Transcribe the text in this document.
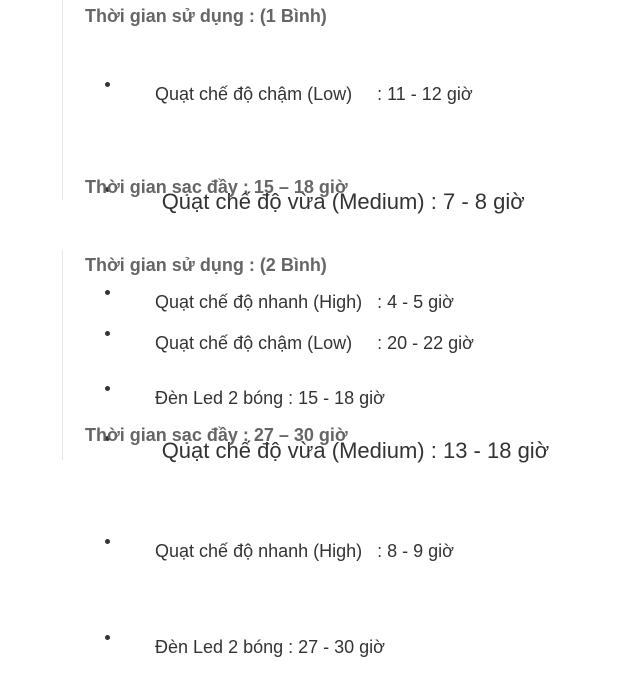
Thời gian sử dụng : (1 Bình)

Quạt chế độ chậm (Low)     : 11 - 12 giờ

Quạt chế độ vừa (Medium) : 7 - 8 giờ

Quạt chế độ nhanh (High)   : 4 - 5 giờ

Đèn Led 2 bóng : 15 - 18 giờ

Thời gian sạc đầy : 15 – 18 giờ
Thời gian sử dụng : (2 Bình)

Quạt chế độ chậm (Low)     : 20 - 22 giờ

Quạt chế độ vừa (Medium) : 13 - 18 giờ

Quạt chế độ nhanh (High)   : 8 - 9 giờ

Đèn Led 2 bóng : 27 - 30 giờ

Thời gian sạc đầy : 27 – 30 giờ
